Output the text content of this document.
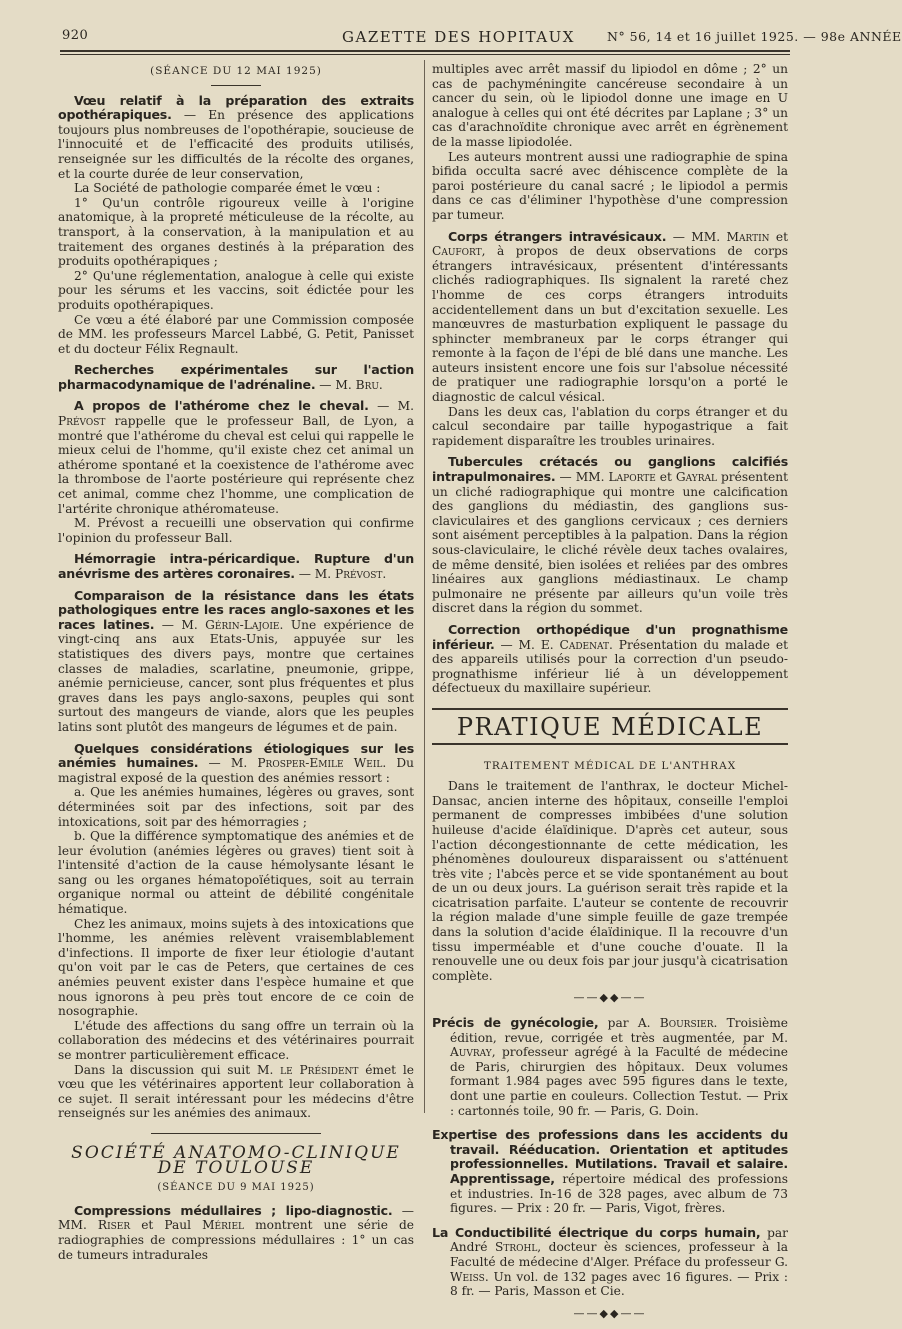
920	GAZETTE DES HOPITAUX	N° 56, 14 et 16 juillet 1925. — 98e ANNÉE
(SÉANCE DU 12 MAI 1925)

Vœu relatif à la préparation des extraits opothérapiques. — En présence des applications toujours plus nombreuses de l'opothérapie, soucieuse de l'innocuité et de l'efficacité des produits utilisés, renseignée sur les difficultés de la récolte des organes, et la courte durée de leur conservation,

La Société de pathologie comparée émet le vœu :

1° Qu'un contrôle rigoureux veille à l'origine anatomique, à la propreté méticuleuse de la récolte, au transport, à la conservation, à la manipulation et au traitement des organes destinés à la préparation des produits opothérapiques ;

2° Qu'une réglementation, analogue à celle qui existe pour les sérums et les vaccins, soit édictée pour les produits opothérapiques.

Ce vœu a été élaboré par une Commission composée de MM. les professeurs Marcel Labbé, G. Petit, Panisset et du docteur Félix Regnault.

Recherches expérimentales sur l'action pharmacodynamique de l'adrénaline. — M. Bru.

A propos de l'athérome chez le cheval. — M. Prévost rappelle que le professeur Ball, de Lyon, a montré que l'athérome du cheval est celui qui rappelle le mieux celui de l'homme, qu'il existe chez cet animal un athérome spontané et la coexistence de l'athérome avec la thrombose de l'aorte postérieure qui représente chez cet animal, comme chez l'homme, une complication de l'artérite chronique athéromateuse.

M. Prévost a recueilli une observation qui confirme l'opinion du professeur Ball.

Hémorragie intra-péricardique. Rupture d'un anévrisme des artères coronaires. — M. Prévost.

Comparaison de la résistance dans les états pathologiques entre les races anglo-saxones et les races latines. — M. Gérin-Lajoie. Une expérience de vingt-cinq ans aux Etats-Unis, appuyée sur les statistiques des divers pays, montre que certaines classes de maladies, scarlatine, pneumonie, grippe, anémie pernicieuse, cancer, sont plus fréquentes et plus graves dans les pays anglo-saxons, peuples qui sont surtout des mangeurs de viande, alors que les peuples latins sont plutôt des mangeurs de légumes et de pain.

Quelques considérations étiologiques sur les anémies humaines. — M. Prosper-Emile Weil. Du magistral exposé de la question des anémies ressort :

a. Que les anémies humaines, légères ou graves, sont déterminées soit par des infections, soit par des intoxications, soit par des hémorragies ;

b. Que la différence symptomatique des anémies et de leur évolution (anémies légères ou graves) tient soit à l'intensité d'action de la cause hémolysante lésant le sang ou les organes hématopoïétiques, soit au terrain organique normal ou atteint de débilité congénitale hématique.

Chez les animaux, moins sujets à des intoxications que l'homme, les anémies relèvent vraisemblablement d'infections. Il importe de fixer leur étiologie d'autant qu'on voit par le cas de Peters, que certaines de ces anémies peuvent exister dans l'espèce humaine et que nous ignorons à peu près tout encore de ce coin de nosographie.

L'étude des affections du sang offre un terrain où la collaboration des médecins et des vétérinaires pourrait se montrer particulièrement efficace.

Dans la discussion qui suit M. le Président émet le vœu que les vétérinaires apportent leur collaboration à ce sujet. Il serait intéressant pour les médecins d'être renseignés sur les anémies des animaux.

SOCIÉTÉ ANATOMO-CLINIQUE DE TOULOUSE
(SÉANCE DU 9 MAI 1925)

Compressions médullaires ; lipo-diagnostic. — MM. Riser et Paul Mériel montrent une série de radiographies de compressions médullaires : 1° un cas de tumeurs intradurales

multiples avec arrêt massif du lipiodol en dôme ; 2° un cas de pachyméningite cancéreuse secondaire à un cancer du sein, où le lipiodol donne une image en U analogue à celles qui ont été décrites par Laplane ; 3° un cas d'arachnoïdite chronique avec arrêt en égrènement de la masse lipiodolée.

Les auteurs montrent aussi une radiographie de spina bifida occulta sacré avec déhiscence complète de la paroi postérieure du canal sacré ; le lipiodol a permis dans ce cas d'éliminer l'hypothèse d'une compression par tumeur.

Corps étrangers intravésicaux. — MM. Martin et Caufort, à propos de deux observations de corps étrangers intravésicaux, présentent d'intéressants clichés radiographiques. Ils signalent la rareté chez l'homme de ces corps étrangers introduits accidentellement dans un but d'excitation sexuelle. Les manœuvres de masturbation expliquent le passage du sphincter membraneux par le corps étranger qui remonte à la façon de l'épi de blé dans une manche. Les auteurs insistent encore une fois sur l'absolue nécessité de pratiquer une radiographie lorsqu'on a porté le diagnostic de calcul vésical.

Dans les deux cas, l'ablation du corps étranger et du calcul secondaire par taille hypogastrique a fait rapidement disparaître les troubles urinaires.

Tubercules crétacés ou ganglions calcifiés intrapulmonaires. — MM. Laporte et Gayral présentent un cliché radiographique qui montre une calcification des ganglions du médiastin, des ganglions sus-claviculaires et des ganglions cervicaux ; ces derniers sont aisément perceptibles à la palpation. Dans la région sous-claviculaire, le cliché révèle deux taches ovalaires, de même densité, bien isolées et reliées par des ombres linéaires aux ganglions médiastinaux. Le champ pulmonaire ne présente par ailleurs qu'un voile très discret dans la région du sommet.

Correction orthopédique d'un prognathisme inférieur. — M. E. Cadenat. Présentation du malade et des appareils utilisés pour la correction d'un pseudo-prognathisme inférieur lié à un développement défectueux du maxillaire supérieur.

PRATIQUE MÉDICALE
TRAITEMENT MÉDICAL DE L'ANTHRAX

Dans le traitement de l'anthrax, le docteur Michel-Dansac, ancien interne des hôpitaux, conseille l'emploi permanent de compresses imbibées d'une solution huileuse d'acide élaïdinique. D'après cet auteur, sous l'action décongestionnante de cette médication, les phénomènes douloureux disparaissent ou s'atténuent très vite ; l'abcès perce et se vide spontanément au bout de un ou deux jours. La guérison serait très rapide et la cicatrisation parfaite. L'auteur se contente de recouvrir la région malade d'une simple feuille de gaze trempée dans la solution d'acide élaïdinique. Il la recouvre d'un tissu imperméable et d'une couche d'ouate. Il la renouvelle une ou deux fois par jour jusqu'à cicatrisation complète.

——◆◆——

Précis de gynécologie, par A. Boursier. Troisième édition, revue, corrigée et très augmentée, par M. Auvray, professeur agrégé à la Faculté de médecine de Paris, chirurgien des hôpitaux. Deux volumes formant 1.984 pages avec 595 figures dans le texte, dont une partie en couleurs. Collection Testut. — Prix : cartonnés toile, 90 fr. — Paris, G. Doin.

Expertise des professions dans les accidents du travail. Rééducation. Orientation et aptitudes professionnelles. Mutilations. Travail et salaire. Apprentissage, répertoire médical des professions et industries. In-16 de 328 pages, avec album de 73 figures. — Prix : 20 fr. — Paris, Vigot, frères.

La Conductibilité électrique du corps humain, par André Strohl, docteur ès sciences, professeur à la Faculté de médecine d'Alger. Préface du professeur G. Weiss. Un vol. de 132 pages avec 16 figures. — Prix : 8 fr. — Paris, Masson et Cie.

——◆◆——
